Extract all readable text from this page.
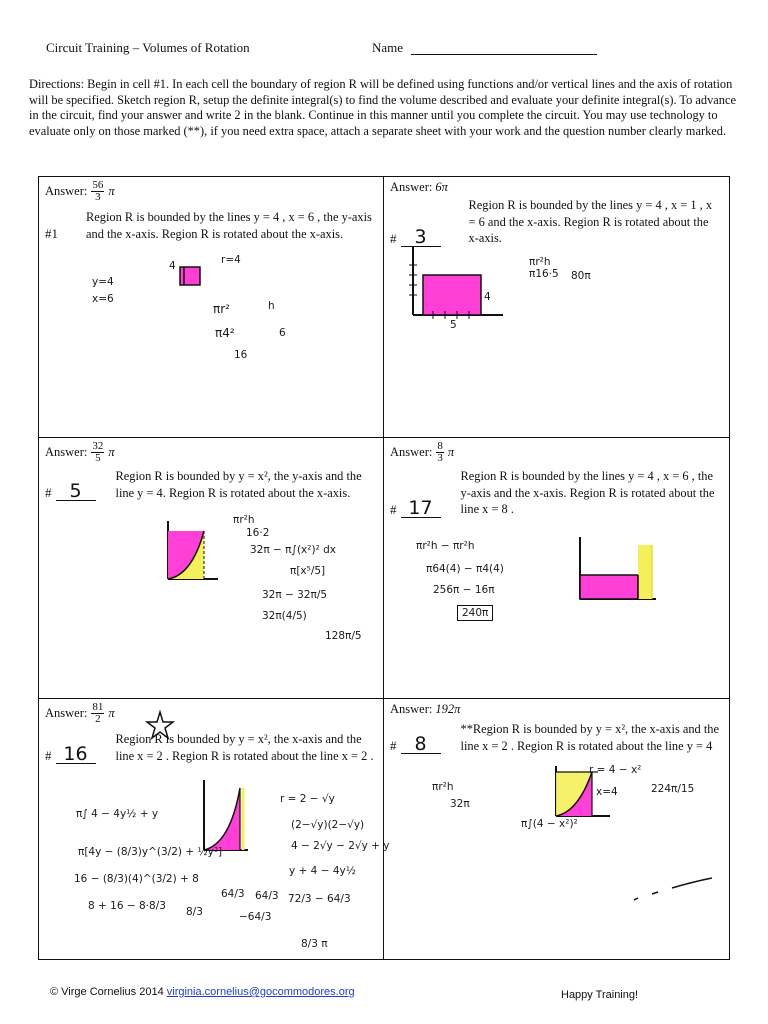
Circuit Training – Volumes of Rotation	Name
Directions: Begin in cell #1. In each cell the boundary of region R will be defined using functions and/or vertical lines and the axis of rotation will be specified. Sketch region R, setup the definite integral(s) to find the volume described and evaluate your definite integral(s). To advance in the circuit, find your answer and write 2 in the blank. Continue in this manner until you complete the circuit. You may use technology to evaluate only on those marked (**), if you need extra space, attach a separate sheet with your work and the question number clearly marked.
Answer: $\frac{56}{3}$ π
#1
Region R is bounded by the lines y = 4 , x = 6 , the y-axis and the x-axis. Region R is rotated about the x-axis.
y=4
x=6
πr²
π4²
16
6
h
4	r=4
Answer: 6π
# 3
Region R is bounded by the lines y = 4 , x = 1 , x = 6 and the x-axis. Region R is rotated about the x-axis.
πr²h
π16·5 80π
4
5
Answer: $\frac{32}{5}$ π
# 5
Region R is bounded by y = x², the y-axis and the line y = 4. Region R is rotated about the x-axis.
πr²h
16·2
32π − π∫(x²)² dx
π[x⁵/5]
32π − 32π/5
32π(4/5)
128π/5
Answer: $\frac{8}{3}$ π
# 17
Region R is bounded by the lines y = 4 , x = 6 , the y-axis and the x-axis. Region R is rotated about the line x = 8 .
πr²h − πr²h
π64(4) − π4(4)
256π − 16π
240π
Answer: $\frac{81}{2}$ π
# 16
Region R is bounded by y = x², the x-axis and the line x = 2 . Region R is rotated about the line x = 2 .
π∫ 4 − 4y½ + y
π[4y − (8/3)y^(3/2) + ½y²]
16 − (8/3)(4)^(3/2) + 8
8 + 16 − 8·8/3
64/3
r = 2 − √y
(2−√y)(2−√y)
4 − 2√y − 2√y + y
y + 4 − 4y½
72/3 − 64/3
8/3 π
64/3
−64/3
8/3
Answer: 192π
# 8
**Region R is bounded by y = x², the x-axis and the line x = 2 . Region R is rotated about the line y = 4
πr²h
32π
π∫(4 − x²)²
224π/15
r = 4 − x²
x=4
© Virge Cornelius 2014 virginia.cornelius@gocommodores.org	Happy Training!
